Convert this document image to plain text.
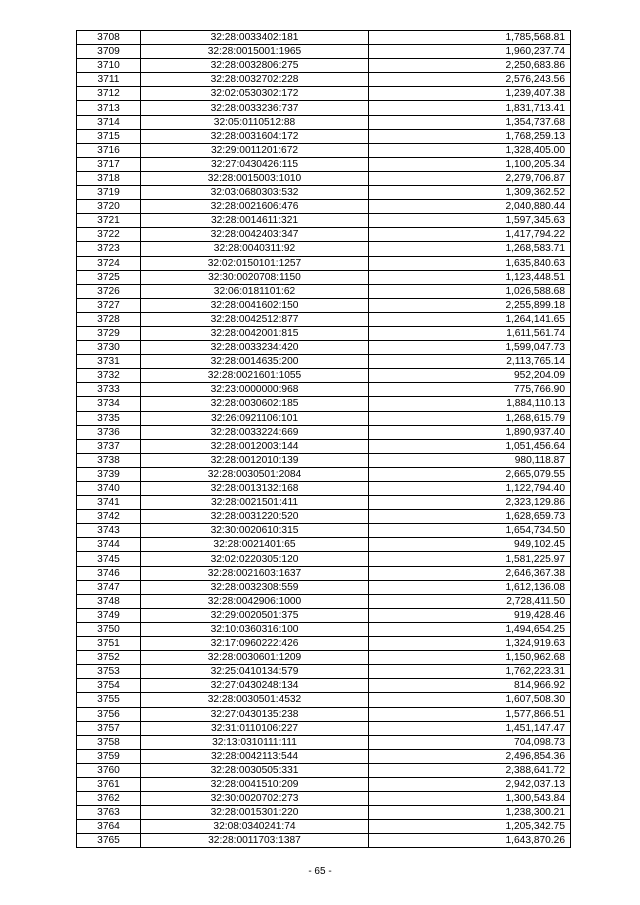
3708	32:28:0033402:181	1,785,568.81
3709	32:28:0015001:1965	1,960,237.74
3710	32:28:0032806:275	2,250,683.86
3711	32:28:0032702:228	2,576,243.56
3712	32:02:0530302:172	1,239,407.38
3713	32:28:0033236:737	1,831,713.41
3714	32:05:0110512:88	1,354,737.68
3715	32:28:0031604:172	1,768,259.13
3716	32:29:0011201:672	1,328,405.00
3717	32:27:0430426:115	1,100,205.34
3718	32:28:0015003:1010	2,279,706.87
3719	32:03:0680303:532	1,309,362.52
3720	32:28:0021606:476	2,040,880.44
3721	32:28:0014611:321	1,597,345.63
3722	32:28:0042403:347	1,417,794.22
3723	32:28:0040311:92	1,268,583.71
3724	32:02:0150101:1257	1,635,840.63
3725	32:30:0020708:1150	1,123,448.51
3726	32:06:0181101:62	1,026,588.68
3727	32:28:0041602:150	2,255,899.18
3728	32:28:0042512:877	1,264,141.65
3729	32:28:0042001:815	1,611,561.74
3730	32:28:0033234:420	1,599,047.73
3731	32:28:0014635:200	2,113,765.14
3732	32:28:0021601:1055	952,204.09
3733	32:23:0000000:968	775,766.90
3734	32:28:0030602:185	1,884,110.13
3735	32:26:0921106:101	1,268,615.79
3736	32:28:0033224:669	1,890,937.40
3737	32:28:0012003:144	1,051,456.64
3738	32:28:0012010:139	980,118.87
3739	32:28:0030501:2084	2,665,079.55
3740	32:28:0013132:168	1,122,794.40
3741	32:28:0021501:411	2,323,129.86
3742	32:28:0031220:520	1,628,659.73
3743	32:30:0020610:315	1,654,734.50
3744	32:28:0021401:65	949,102.45
3745	32:02:0220305:120	1,581,225.97
3746	32:28:0021603:1637	2,646,367.38
3747	32:28:0032308:559	1,612,136.08
3748	32:28:0042906:1000	2,728,411.50
3749	32:29:0020501:375	919,428.46
3750	32:10:0360316:100	1,494,654.25
3751	32:17:0960222:426	1,324,919.63
3752	32:28:0030601:1209	1,150,962.68
3753	32:25:0410134:579	1,762,223.31
3754	32:27:0430248:134	814,966.92
3755	32:28:0030501:4532	1,607,508.30
3756	32:27:0430135:238	1,577,866.51
3757	32:31:0110106:227	1,451,147.47
3758	32:13:0310111:111	704,098.73
3759	32:28:0042113:544	2,496,854.36
3760	32:28:0030505:331	2,388,641.72
3761	32:28:0041510:209	2,942,037.13
3762	32:30:0020702:273	1,300,543.84
3763	32:28:0015301:220	1,238,300.21
3764	32:08:0340241:74	1,205,342.75
3765	32:28:0011703:1387	1,643,870.26
- 65 -
